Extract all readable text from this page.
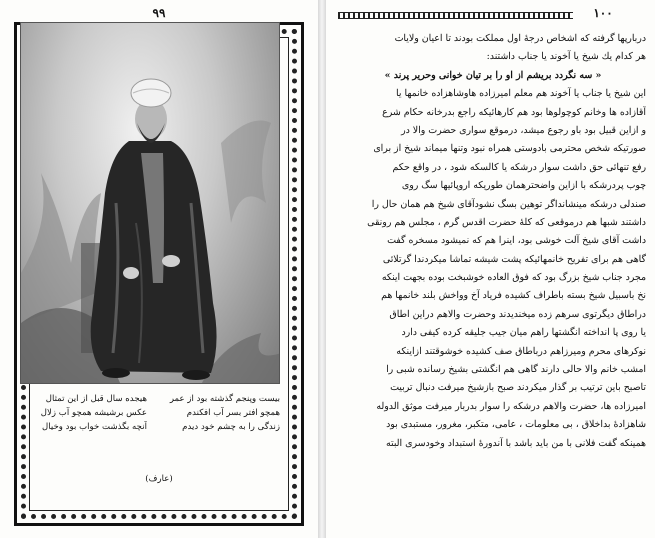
۹۹
بیست وپنجم گذشته بود از عمر
همچو افتر بسر آب افکندم
زندگی را به چشم خود دیدم
هیجده سال قبل از این تمثال
عکس برشیشه همچو آب زلال
آنچه بگذشت خواب بود وخیال
(عارف)
۱۰۰
دربارپها گرفته که اشخاص درجهٔ اول مملکت بودند تا اعیان ولایات
هر کدام یك شیخ یا آخوند یا جناب داشتند:
« سه نگردد بریشم از او را بر تیان خوانی وحریر پرند »
این شیخ یا جناب یا آخوند هم معلم امیرزاده هاوشاهزاده خانمها یا
آقازاده ها وخانم کوچولوها بود هم کارهائیکه راجع بدرخانه حکام شرع
و ازاین قبیل بود باو رجوع میشد، درموقع سواری حضرت والا در
صورتیکه شخص محترمی بادوستی همراه نبود وتنها میماند شیخ از برای
رفع تنهائی حق داشت سوار درشکه یا کالسکه شود ، در واقع حکم
چوب پردرشکه با ازاین واضحترهمان طوریکه اروپائیها سگ روی
صندلی درشکه مینشانداگر توهین بسگ نشودآقای شیخ هم همان حال را
داشتند شبها هم درموقعی که کلهٔ حضرت اقدس گرم ، مجلس هم رونقی
داشت آقای شیخ آلت خوشی بود، اینرا هم که نمیشود مسخره گفت
گاهی هم برای تفریح خانمهائیکه پشت شیشه تماشا میکردندا گرتلائی
مجرد جناب شیخ بزرگ بود که فوق العاده خوشبخت بوده بجهت اینکه
نخ باسبیل شیخ بسته باطراف کشیده فریاد آخ وواخش بلند خانمها هم
دراطاق دیگرتوی سرهم زده میخندیدند وحضرت والاهم دراین اطاق
یا روی پا انداخته انگشتها راهم میان جیب جلیقه کرده کیفی دارد
نوکرهای محرم ومیرزاهم درباطاق صف کشیده خوشوقتند ازاینکه
امشب خانم والا حالی دارند گاهی هم انگشتی بشیخ رسانده شبی را
تاصبح باین ترتیب بر گذار میکردند صبح بازشیخ میرفت دنبال تربیت
امیرزاده ها، حضرت والاهم درشکه را سوار بدربار میرفت موثق الدوله
شاهزادهٔ بداخلاق ، بی معلومات ، عامی، متکبر، مغرور، مستبدی بود
همینکه گفت فلانی با من باید باشد با آندورهٔ استبداد وخودسری البته
